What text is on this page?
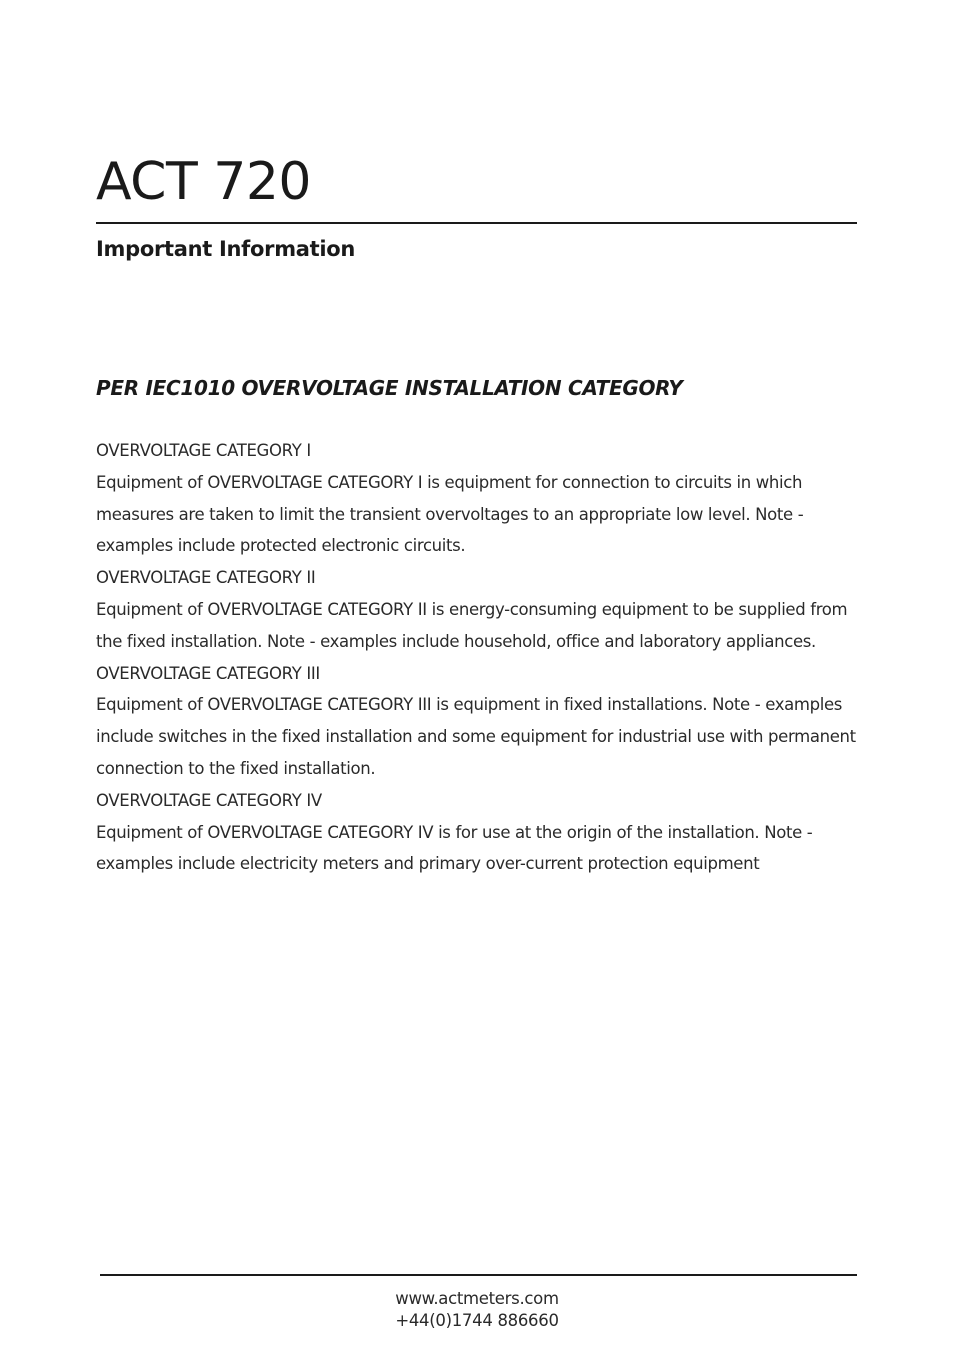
ACT 720
Important Information
PER IEC1010 OVERVOLTAGE INSTALLATION CATEGORY

OVERVOLTAGE CATEGORY I

Equipment of OVERVOLTAGE CATEGORY I is equipment for connection to circuits in which measures are taken to limit the transient overvoltages to an appropriate low level. Note - examples include protected electronic circuits.

OVERVOLTAGE CATEGORY II

Equipment of OVERVOLTAGE CATEGORY II is energy-consuming equipment to be supplied from the fixed installation. Note - examples include household, office and laboratory appliances.

OVERVOLTAGE CATEGORY III

Equipment of OVERVOLTAGE CATEGORY III is equipment in fixed installations. Note - examples include switches in the fixed installation and some equipment for industrial use with permanent connection to the fixed installation.

OVERVOLTAGE CATEGORY IV

Equipment of OVERVOLTAGE CATEGORY IV is for use at the origin of the installation. Note - examples include electricity meters and primary over-current protection equipment

www.actmeters.com
+44(0)1744 886660
